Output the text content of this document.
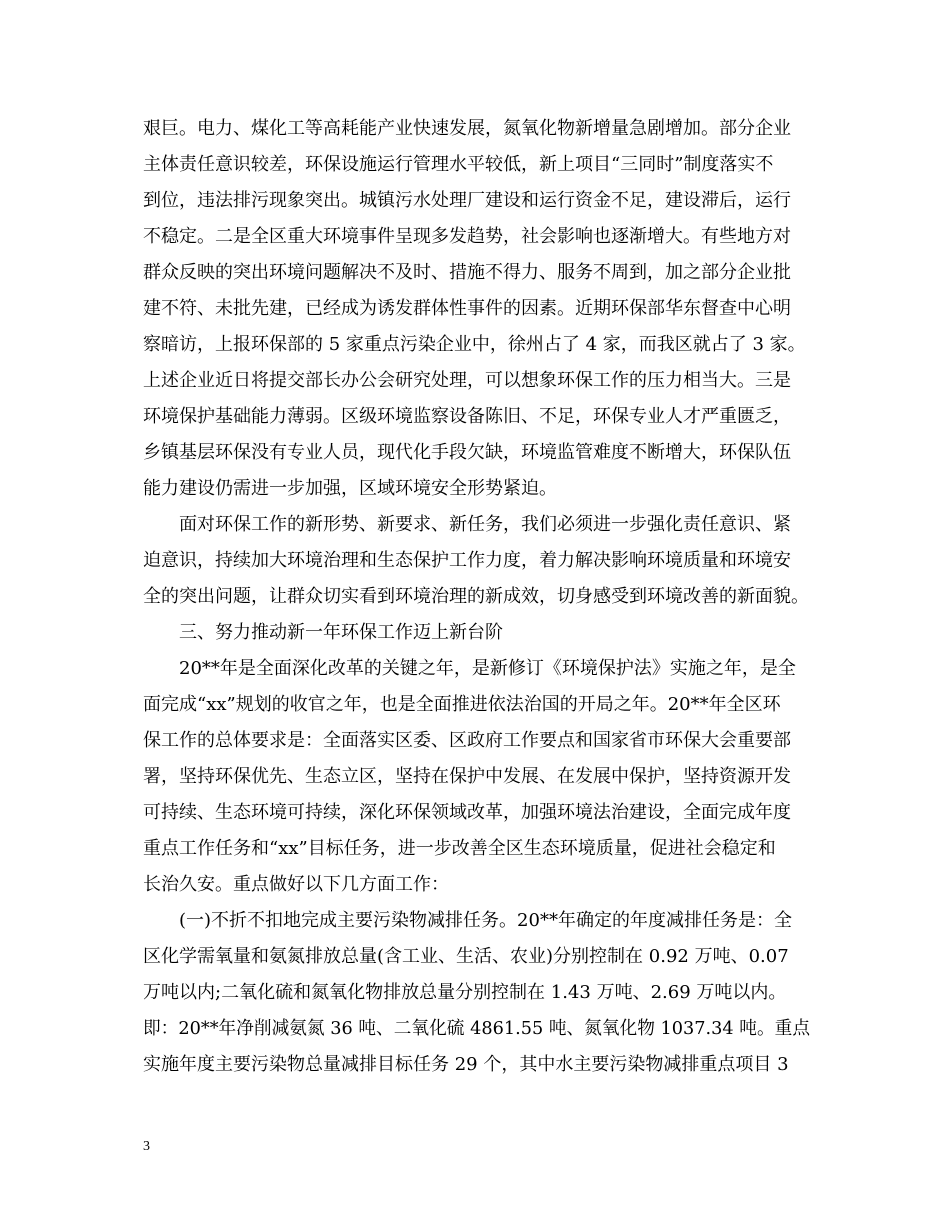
艰巨。电力、煤化工等高耗能产业快速发展，氮氧化物新增量急剧增加。部分企业
主体责任意识较差，环保设施运行管理水平较低，新上项目“三同时”制度落实不
到位，违法排污现象突出。城镇污水处理厂建设和运行资金不足，建设滞后，运行
不稳定。二是全区重大环境事件呈现多发趋势，社会影响也逐渐增大。有些地方对
群众反映的突出环境问题解决不及时、措施不得力、服务不周到，加之部分企业批
建不符、未批先建，已经成为诱发群体性事件的因素。近期环保部华东督查中心明
察暗访，上报环保部的 5 家重点污染企业中，徐州占了 4 家，而我区就占了 3 家。
上述企业近日将提交部长办公会研究处理，可以想象环保工作的压力相当大。三是
环境保护基础能力薄弱。区级环境监察设备陈旧、不足，环保专业人才严重匮乏，
乡镇基层环保没有专业人员，现代化手段欠缺，环境监管难度不断增大，环保队伍
能力建设仍需进一步加强，区域环境安全形势紧迫。
面对环保工作的新形势、新要求、新任务，我们必须进一步强化责任意识、紧
迫意识，持续加大环境治理和生态保护工作力度，着力解决影响环境质量和环境安
全的突出问题，让群众切实看到环境治理的新成效，切身感受到环境改善的新面貌。
三、努力推动新一年环保工作迈上新台阶
20**年是全面深化改革的关键之年，是新修订《环境保护法》实施之年，是全
面完成“xx”规划的收官之年，也是全面推进依法治国的开局之年。20**年全区环
保工作的总体要求是：全面落实区委、区政府工作要点和国家省市环保大会重要部
署，坚持环保优先、生态立区，坚持在保护中发展、在发展中保护，坚持资源开发
可持续、生态环境可持续，深化环保领域改革，加强环境法治建设，全面完成年度
重点工作任务和“xx”目标任务，进一步改善全区生态环境质量，促进社会稳定和
长治久安。重点做好以下几方面工作：
(一)不折不扣地完成主要污染物减排任务。20**年确定的年度减排任务是：全
区化学需氧量和氨氮排放总量(含工业、生活、农业)分别控制在 0.92 万吨、0.07
万吨以内;二氧化硫和氮氧化物排放总量分别控制在 1.43 万吨、2.69 万吨以内。
即：20**年净削减氨氮 36 吨、二氧化硫 4861.55 吨、氮氧化物 1037.34 吨。重点
实施年度主要污染物总量减排目标任务 29 个，其中水主要污染物减排重点项目 3
3
